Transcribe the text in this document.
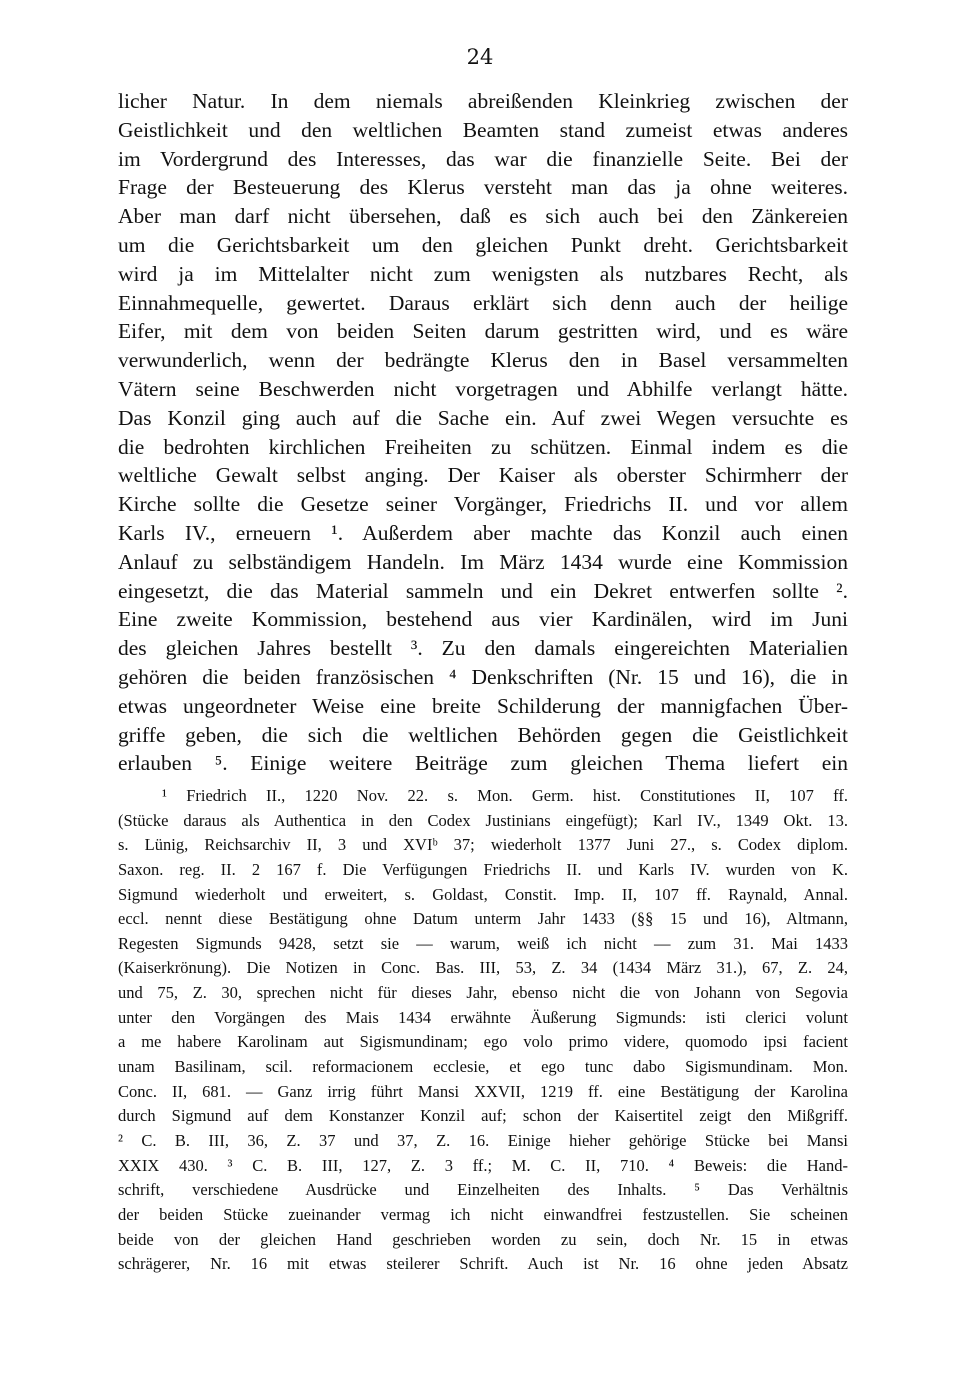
24
licher Natur. In dem niemals abreißenden Kleinkrieg zwischen der
Geistlichkeit und den weltlichen Beamten stand zumeist etwas anderes
im Vordergrund des Interesses, das war die finanzielle Seite. Bei der
Frage der Besteuerung des Klerus versteht man das ja ohne weiteres.
Aber man darf nicht übersehen, daß es sich auch bei den Zänkereien
um die Gerichtsbarkeit um den gleichen Punkt dreht. Gerichtsbarkeit
wird ja im Mittelalter nicht zum wenigsten als nutzbares Recht, als
Einnahmequelle, gewertet. Daraus erklärt sich denn auch der heilige
Eifer, mit dem von beiden Seiten darum gestritten wird, und es wäre
verwunderlich, wenn der bedrängte Klerus den in Basel versammelten
Vätern seine Beschwerden nicht vorgetragen und Abhilfe verlangt hätte.
Das Konzil ging auch auf die Sache ein. Auf zwei Wegen versuchte es
die bedrohten kirchlichen Freiheiten zu schützen. Einmal indem es die
weltliche Gewalt selbst anging. Der Kaiser als oberster Schirmherr der
Kirche sollte die Gesetze seiner Vorgänger, Friedrichs II. und vor allem
Karls IV., erneuern ¹. Außerdem aber machte das Konzil auch einen
Anlauf zu selbständigem Handeln. Im März 1434 wurde eine Kommission
eingesetzt, die das Material sammeln und ein Dekret entwerfen sollte ².
Eine zweite Kommission, bestehend aus vier Kardinälen, wird im Juni
des gleichen Jahres bestellt ³. Zu den damals eingereichten Materialien
gehören die beiden französischen ⁴ Denkschriften (Nr. 15 und 16), die in
etwas ungeordneter Weise eine breite Schilderung der mannigfachen Über-
griffe geben, die sich die weltlichen Behörden gegen die Geistlichkeit
erlauben ⁵. Einige weitere Beiträge zum gleichen Thema liefert ein
¹ Friedrich II., 1220 Nov. 22. s. Mon. Germ. hist. Constitutiones II, 107 ff.
(Stücke daraus als Authentica in den Codex Justinians eingefügt); Karl IV., 1349 Okt. 13.
s. Lünig, Reichsarchiv II, 3 und XVIᵇ 37; wiederholt 1377 Juni 27., s. Codex diplom.
Saxon. reg. II. 2 167 f. Die Verfügungen Friedrichs II. und Karls IV. wurden von K.
Sigmund wiederholt und erweitert, s. Goldast, Constit. Imp. II, 107 ff. Raynald, Annal.
eccl. nennt diese Bestätigung ohne Datum unterm Jahr 1433 (§§ 15 und 16), Altmann,
Regesten Sigmunds 9428, setzt sie — warum, weiß ich nicht — zum 31. Mai 1433
(Kaiserkrönung). Die Notizen in Conc. Bas. III, 53, Z. 34 (1434 März 31.), 67, Z. 24,
und 75, Z. 30, sprechen nicht für dieses Jahr, ebenso nicht die von Johann von Segovia
unter den Vorgängen des Mais 1434 erwähnte Äußerung Sigmunds: isti clerici volunt
a me habere Karolinam aut Sigismundinam; ego volo primo videre, quomodo ipsi facient
unam Basilinam, scil. reformacionem ecclesie, et ego tunc dabo Sigismundinam. Mon.
Conc. II, 681. — Ganz irrig führt Mansi XXVII, 1219 ff. eine Bestätigung der Karolina
durch Sigmund auf dem Konstanzer Konzil auf; schon der Kaisertitel zeigt den Mißgriff.
² C. B. III, 36, Z. 37 und 37, Z. 16. Einige hieher gehörige Stücke bei Mansi
XXIX 430. ³ C. B. III, 127, Z. 3 ff.; M. C. II, 710. ⁴ Beweis: die Hand-
schrift, verschiedene Ausdrücke und Einzelheiten des Inhalts. ⁵ Das Verhältnis
der beiden Stücke zueinander vermag ich nicht einwandfrei festzustellen. Sie scheinen
beide von der gleichen Hand geschrieben worden zu sein, doch Nr. 15 in etwas
schrägerer, Nr. 16 mit etwas steilerer Schrift. Auch ist Nr. 16 ohne jeden Absatz
